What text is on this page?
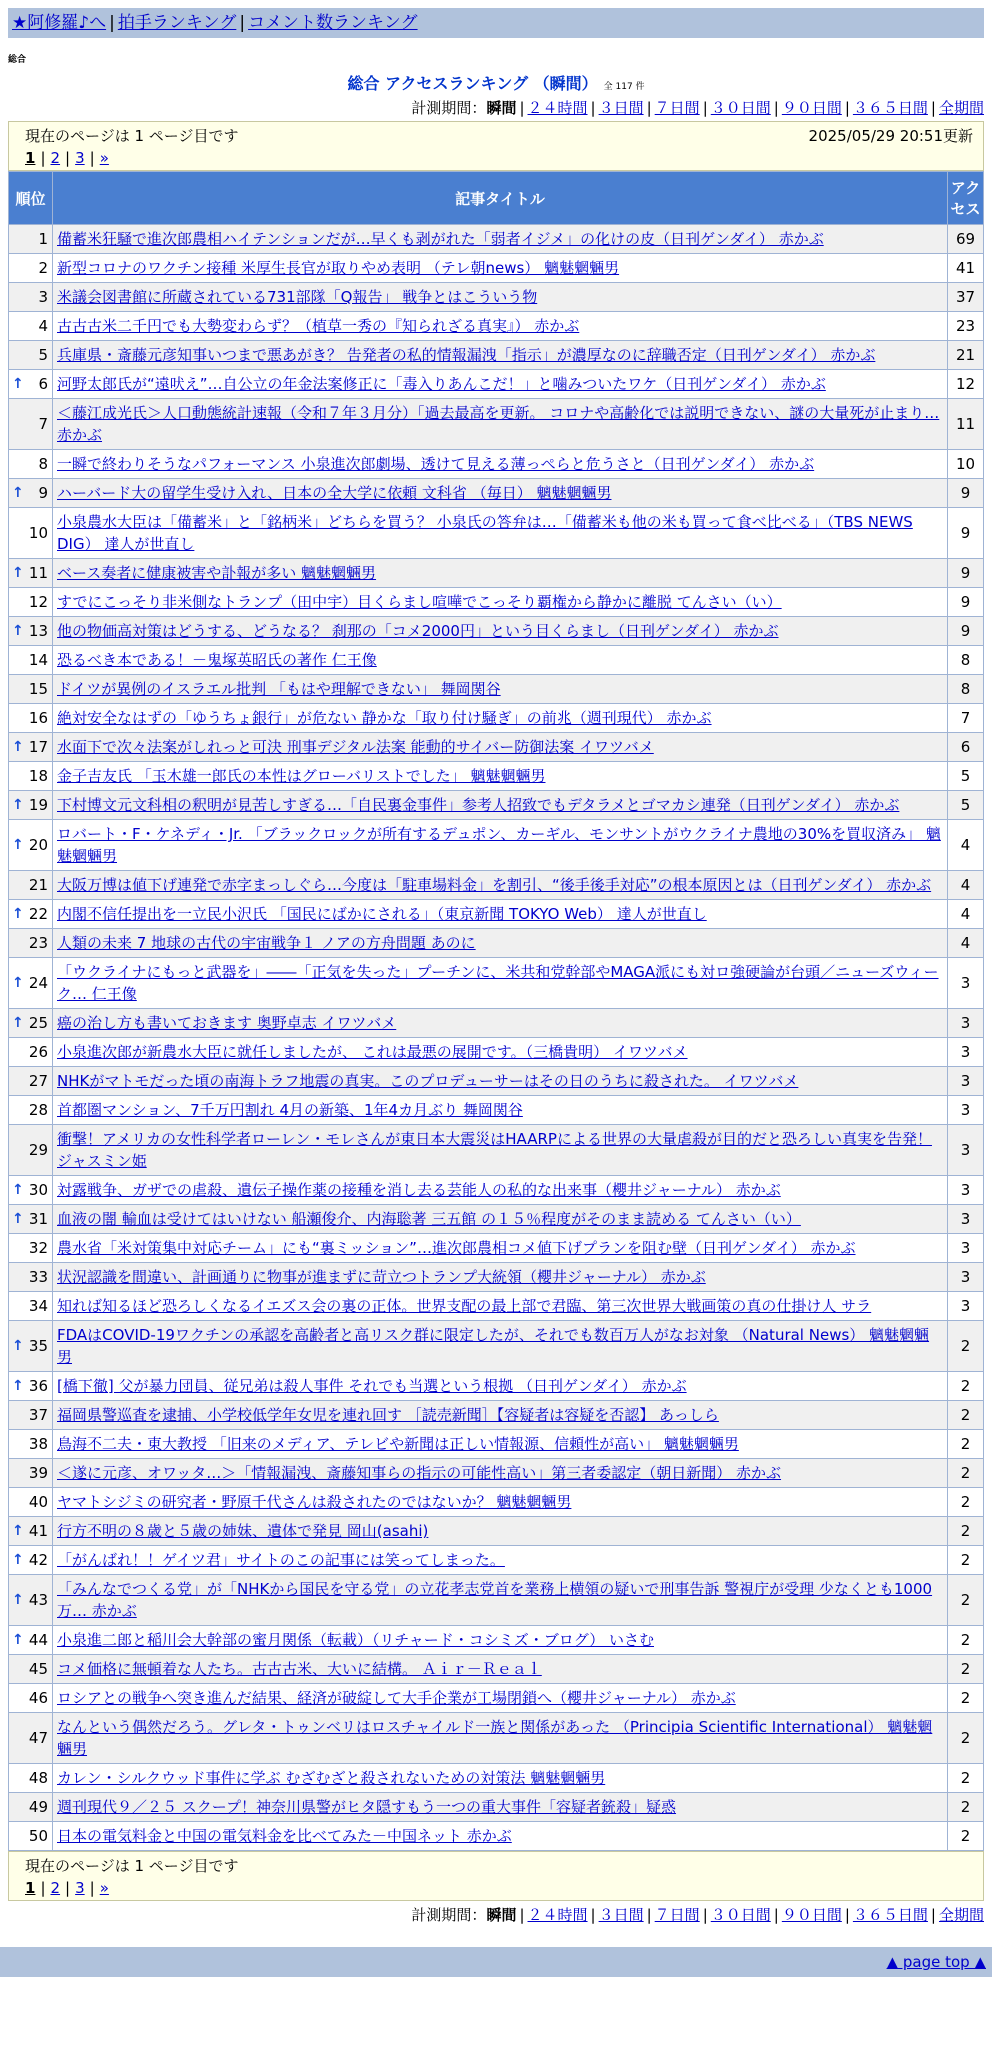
★阿修羅♪へ | 拍手ランキング | コメント数ランキング
総合
総合 アクセスランキング （瞬間） 全 117 件
計測期間：瞬間 | ２４時間 | ３日間 | ７日間 | ３０日間 | ９０日間 | ３６５日間 | 全期間
現在のページは 1 ページ目です	2025/05/29 20:51更新
1 | 2 | 3 | »
順位	記事タイトル	アクセス
1	備蓄米狂騒で進次郎農相ハイテンションだが…早くも剥がれた「弱者イジメ」の化けの皮（日刊ゲンダイ） 赤かぶ	69
2	新型コロナのワクチン接種 米厚生長官が取りやめ表明 （テレ朝news） 魑魅魍魎男	41
3	米議会図書館に所蔵されている731部隊「Q報告」 戦争とはこういう物	37
4	古古古米二千円でも大勢変わらず？（植草一秀の『知られざる真実』） 赤かぶ	23
5	兵庫県・斎藤元彦知事いつまで悪あがき？ 告発者の私的情報漏洩「指示」が濃厚なのに辞職否定（日刊ゲンダイ） 赤かぶ	21

↑ 6	河野太郎氏が“遠吠え”…自公立の年金法案修正に「毒入りあんこだ！」と噛みついたワケ（日刊ゲンダイ） 赤かぶ	12
7	＜藤江成光氏＞人口動態統計速報（令和７年３月分）「過去最高を更新。 コロナや高齢化では説明できない、謎の大量死が止まり… 赤かぶ	11
8	一瞬で終わりそうなパフォーマンス 小泉進次郎劇場、透けて見える薄っぺらと危うさと（日刊ゲンダイ） 赤かぶ	10

↑ 9	ハーバード大の留学生受け入れ、日本の全大学に依頼 文科省 （毎日） 魑魅魍魎男	9
10	小泉農水大臣は「備蓄米」と「銘柄米」どちらを買う？ 小泉氏の答弁は…「備蓄米も他の米も買って食べ比べる」（TBS NEWS DIG） 達人が世直し	9

↑ 11	ベース奏者に健康被害や訃報が多い 魑魅魍魎男	9
12	すでにこっそり非米側なトランプ（田中宇）目くらまし喧嘩でこっそり覇権から静かに離脱 てんさい（い）	9

↑ 13	他の物価高対策はどうする、どうなる？ 刹那の「コメ2000円」という目くらまし（日刊ゲンダイ） 赤かぶ	9
14	恐るべき本である！－鬼塚英昭氏の著作 仁王像	8
15	ドイツが異例のイスラエル批判 「もはや理解できない」 舞岡関谷	8
16	絶対安全なはずの「ゆうちょ銀行」が危ない 静かな「取り付け騒ぎ」の前兆（週刊現代） 赤かぶ	7

↑ 17	水面下で次々法案がしれっと可決 刑事デジタル法案 能動的サイバー防御法案 イワツバメ	6
18	金子吉友氏 「玉木雄一郎氏の本性はグローバリストでした」 魑魅魍魎男	5

↑ 19	下村博文元文科相の釈明が見苦しすぎる…「自民裏金事件」参考人招致でもデタラメとゴマカシ連発（日刊ゲンダイ） 赤かぶ	5

↑ 20	ロバート・F・ケネディ・Jr. 「ブラックロックが所有するデュポン、カーギル、モンサントがウクライナ農地の30%を買収済み」 魑魅魍魎男	4
21	大阪万博は値下げ連発で赤字まっしぐら…今度は「駐車場料金」を割引、“後手後手対応”の根本原因とは（日刊ゲンダイ） 赤かぶ	4

↑ 22	内閣不信任提出を一立民小沢氏 「国民にばかにされる」（東京新聞 TOKYO Web） 達人が世直し	4
23	人類の未来 7 地球の古代の宇宙戦争１ ノアの方舟問題 あのに	4

↑ 24	「ウクライナにもっと武器を」――「正気を失った」プーチンに、米共和党幹部やMAGA派にも対ロ強硬論が台頭／ニューズウィーク… 仁王像	3

↑ 25	癌の治し方も書いておきます 奥野卓志 イワツバメ	3
26	小泉進次郎が新農水大臣に就任しましたが、 これは最悪の展開です。（三橋貴明） イワツバメ	3
27	NHKがマトモだった頃の南海トラフ地震の真実。このプロデューサーはその日のうちに殺された。 イワツバメ	3
28	首都圏マンション、7千万円割れ 4月の新築、1年4カ月ぶり 舞岡関谷	3
29	衝撃！アメリカの女性科学者ローレン・モレさんが東日本大震災はHAARPによる世界の大量虐殺が目的だと恐ろしい真実を告発！ ジャスミン姫	3

↑ 30	対露戦争、ガザでの虐殺、遺伝子操作薬の接種を消し去る芸能人の私的な出来事（櫻井ジャーナル） 赤かぶ	3

↑ 31	血液の闇 輸血は受けてはいけない 船瀬俊介、内海聡著 三五館 の１５％程度がそのまま読める てんさい（い）	3
32	農水省「米対策集中対応チーム」にも“裏ミッション”…進次郎農相コメ値下げプランを阻む壁（日刊ゲンダイ） 赤かぶ	3
33	状況認識を間違い、計画通りに物事が進まずに苛立つトランプ大統領（櫻井ジャーナル） 赤かぶ	3
34	知れば知るほど恐ろしくなるイエズス会の裏の正体。世界支配の最上部で君臨、第三次世界大戦画策の真の仕掛け人 サラ	3

↑ 35	FDAはCOVID-19ワクチンの承認を高齢者と高リスク群に限定したが、それでも数百万人がなお対象 （Natural News） 魑魅魍魎男	2

↑ 36	[橋下徹] 父が暴力団員、従兄弟は殺人事件 それでも当選という根拠 （日刊ゲンダイ） 赤かぶ	2
37	福岡県警巡査を逮捕、小学校低学年女児を連れ回す ［読売新聞］【容疑者は容疑を否認】 あっしら	2
38	鳥海不二夫・東大教授 「旧来のメディア、テレビや新聞は正しい情報源、信頼性が高い」 魑魅魍魎男	2
39	＜遂に元彦、オワッタ…＞「情報漏洩、斎藤知事らの指示の可能性高い」第三者委認定（朝日新聞） 赤かぶ	2
40	ヤマトシジミの研究者・野原千代さんは殺されたのではないか？ 魑魅魍魎男	2

↑ 41	行方不明の８歳と５歳の姉妹、遺体で発見 岡山(asahi)	2

↑ 42	「がんばれ！！ゲイツ君」サイトのこの記事には笑ってしまった。	2

↑ 43	「みんなでつくる党」が「NHKから国民を守る党」の立花孝志党首を業務上横領の疑いで刑事告訴 警視庁が受理 少なくとも1000万… 赤かぶ	2

↑ 44	小泉進二郎と稲川会大幹部の蜜月関係（転載）（リチャード・コシミズ・ブログ） いさむ	2
45	コメ価格に無頓着な人たち。古古古米、大いに結構。 Ａｉｒ－Ｒｅａｌ	2
46	ロシアとの戦争へ突き進んだ結果、経済が破綻して大手企業が工場閉鎖へ（櫻井ジャーナル） 赤かぶ	2
47	なんという偶然だろう。グレタ・トゥンベリはロスチャイルド一族と関係があった （Principia Scientific International） 魑魅魍魎男	2
48	カレン・シルクウッド事件に学ぶ むざむざと殺されないための対策法 魑魅魍魎男	2
49	週刊現代９／２５ スクープ！神奈川県警がヒタ隠すもう一つの重大事件「容疑者銃殺」疑惑	2
50	日本の電気料金と中国の電気料金を比べてみた－中国ネット 赤かぶ	2
現在のページは 1 ページ目です
1 | 2 | 3 | »
計測期間：瞬間 | ２４時間 | ３日間 | ７日間 | ３０日間 | ９０日間 | ３６５日間 | 全期間
▲ page top ▲
